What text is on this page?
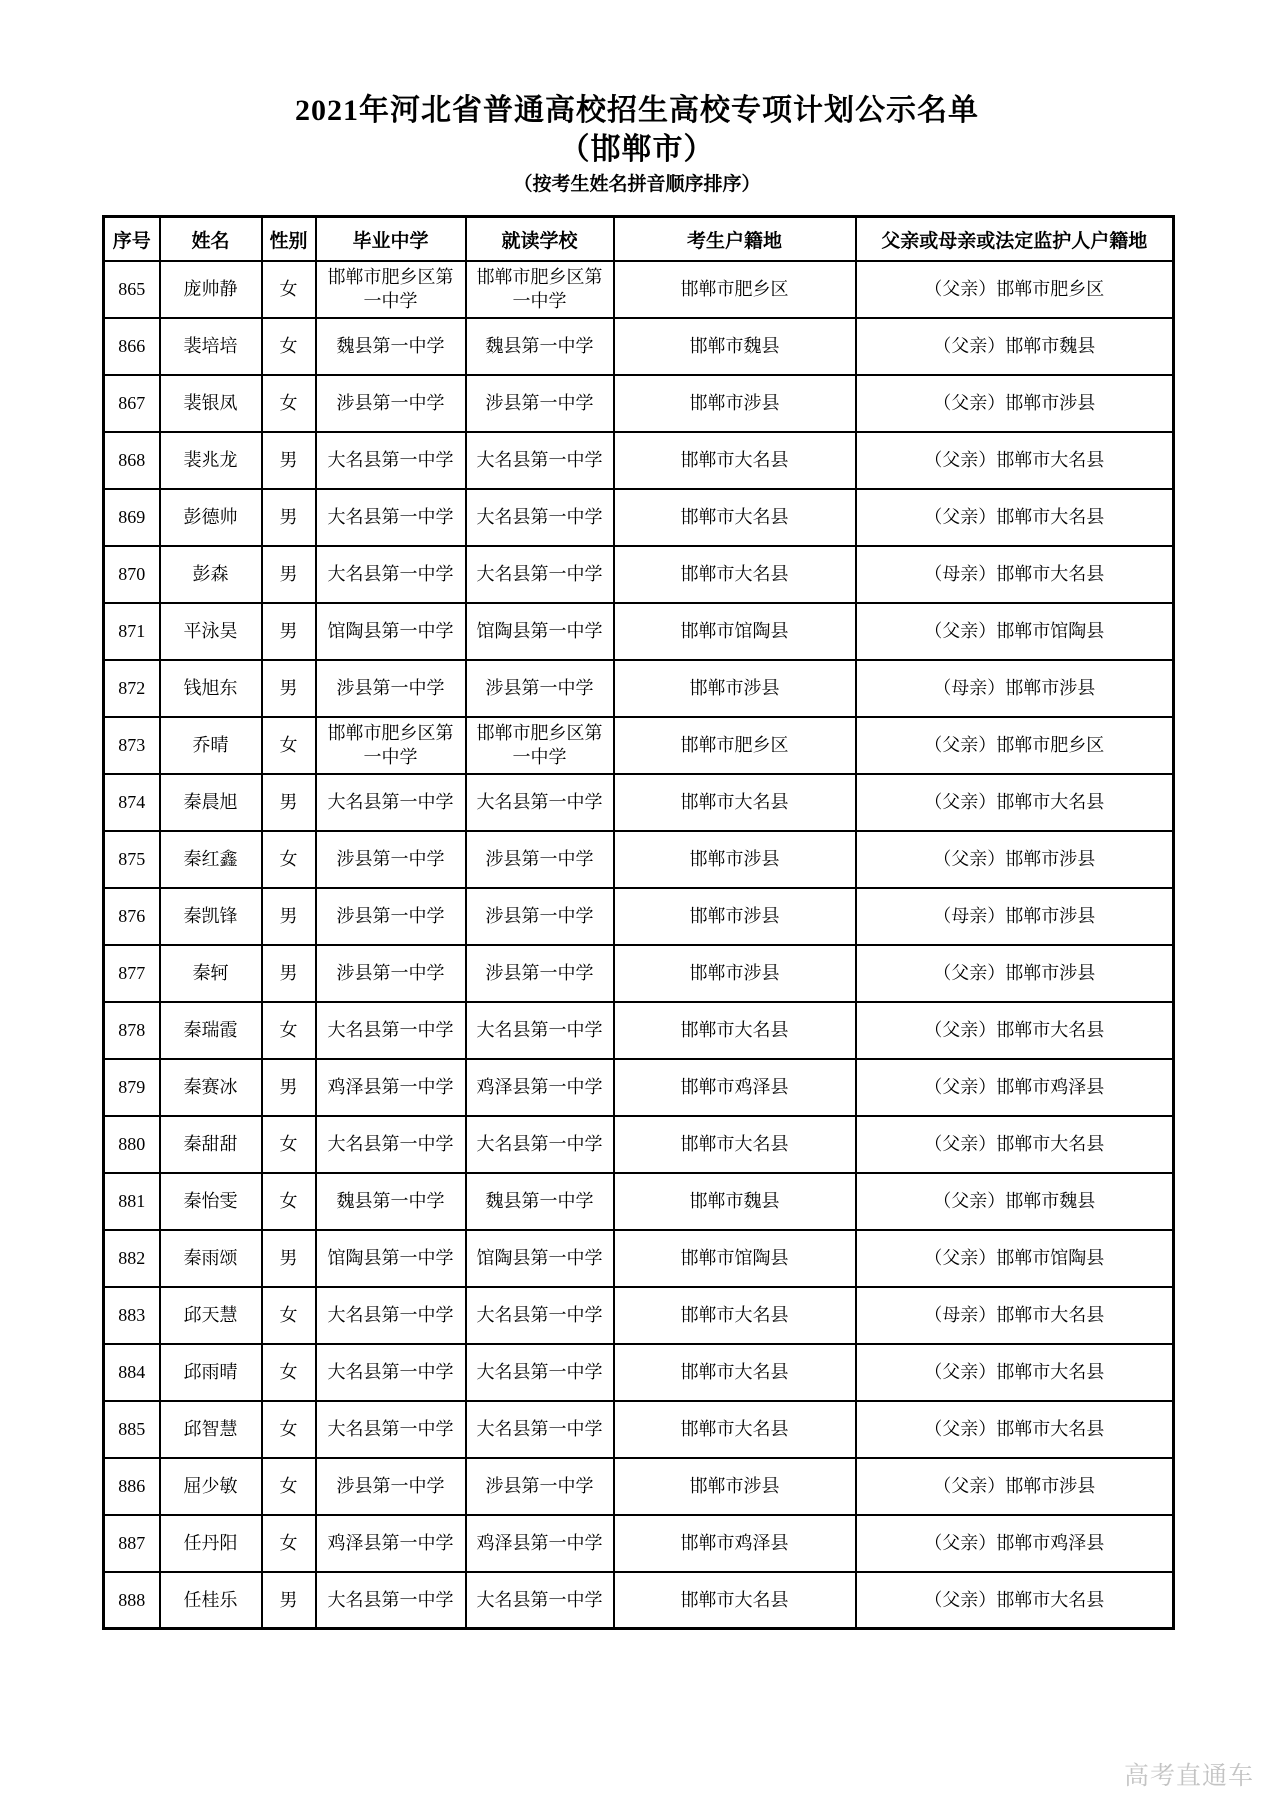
2021年河北省普通高校招生高校专项计划公示名单
（邯郸市）
（按考生姓名拼音顺序排序）
序号	姓名	性别	毕业中学	就读学校	考生户籍地	父亲或母亲或法定监护人户籍地
865	庞帅静	女	邯郸市肥乡区第一中学	邯郸市肥乡区第一中学	邯郸市肥乡区	（父亲）邯郸市肥乡区
866	裴培培	女	魏县第一中学	魏县第一中学	邯郸市魏县	（父亲）邯郸市魏县
867	裴银凤	女	涉县第一中学	涉县第一中学	邯郸市涉县	（父亲）邯郸市涉县
868	裴兆龙	男	大名县第一中学	大名县第一中学	邯郸市大名县	（父亲）邯郸市大名县
869	彭德帅	男	大名县第一中学	大名县第一中学	邯郸市大名县	（父亲）邯郸市大名县
870	彭森	男	大名县第一中学	大名县第一中学	邯郸市大名县	（母亲）邯郸市大名县
871	平泳昊	男	馆陶县第一中学	馆陶县第一中学	邯郸市馆陶县	（父亲）邯郸市馆陶县
872	钱旭东	男	涉县第一中学	涉县第一中学	邯郸市涉县	（母亲）邯郸市涉县
873	乔晴	女	邯郸市肥乡区第一中学	邯郸市肥乡区第一中学	邯郸市肥乡区	（父亲）邯郸市肥乡区
874	秦晨旭	男	大名县第一中学	大名县第一中学	邯郸市大名县	（父亲）邯郸市大名县
875	秦红鑫	女	涉县第一中学	涉县第一中学	邯郸市涉县	（父亲）邯郸市涉县
876	秦凯锋	男	涉县第一中学	涉县第一中学	邯郸市涉县	（母亲）邯郸市涉县
877	秦轲	男	涉县第一中学	涉县第一中学	邯郸市涉县	（父亲）邯郸市涉县
878	秦瑞霞	女	大名县第一中学	大名县第一中学	邯郸市大名县	（父亲）邯郸市大名县
879	秦赛冰	男	鸡泽县第一中学	鸡泽县第一中学	邯郸市鸡泽县	（父亲）邯郸市鸡泽县
880	秦甜甜	女	大名县第一中学	大名县第一中学	邯郸市大名县	（父亲）邯郸市大名县
881	秦怡雯	女	魏县第一中学	魏县第一中学	邯郸市魏县	（父亲）邯郸市魏县
882	秦雨颂	男	馆陶县第一中学	馆陶县第一中学	邯郸市馆陶县	（父亲）邯郸市馆陶县
883	邱天慧	女	大名县第一中学	大名县第一中学	邯郸市大名县	（母亲）邯郸市大名县
884	邱雨晴	女	大名县第一中学	大名县第一中学	邯郸市大名县	（父亲）邯郸市大名县
885	邱智慧	女	大名县第一中学	大名县第一中学	邯郸市大名县	（父亲）邯郸市大名县
886	屈少敏	女	涉县第一中学	涉县第一中学	邯郸市涉县	（父亲）邯郸市涉县
887	任丹阳	女	鸡泽县第一中学	鸡泽县第一中学	邯郸市鸡泽县	（父亲）邯郸市鸡泽县
888	任桂乐	男	大名县第一中学	大名县第一中学	邯郸市大名县	（父亲）邯郸市大名县
高考直通车
